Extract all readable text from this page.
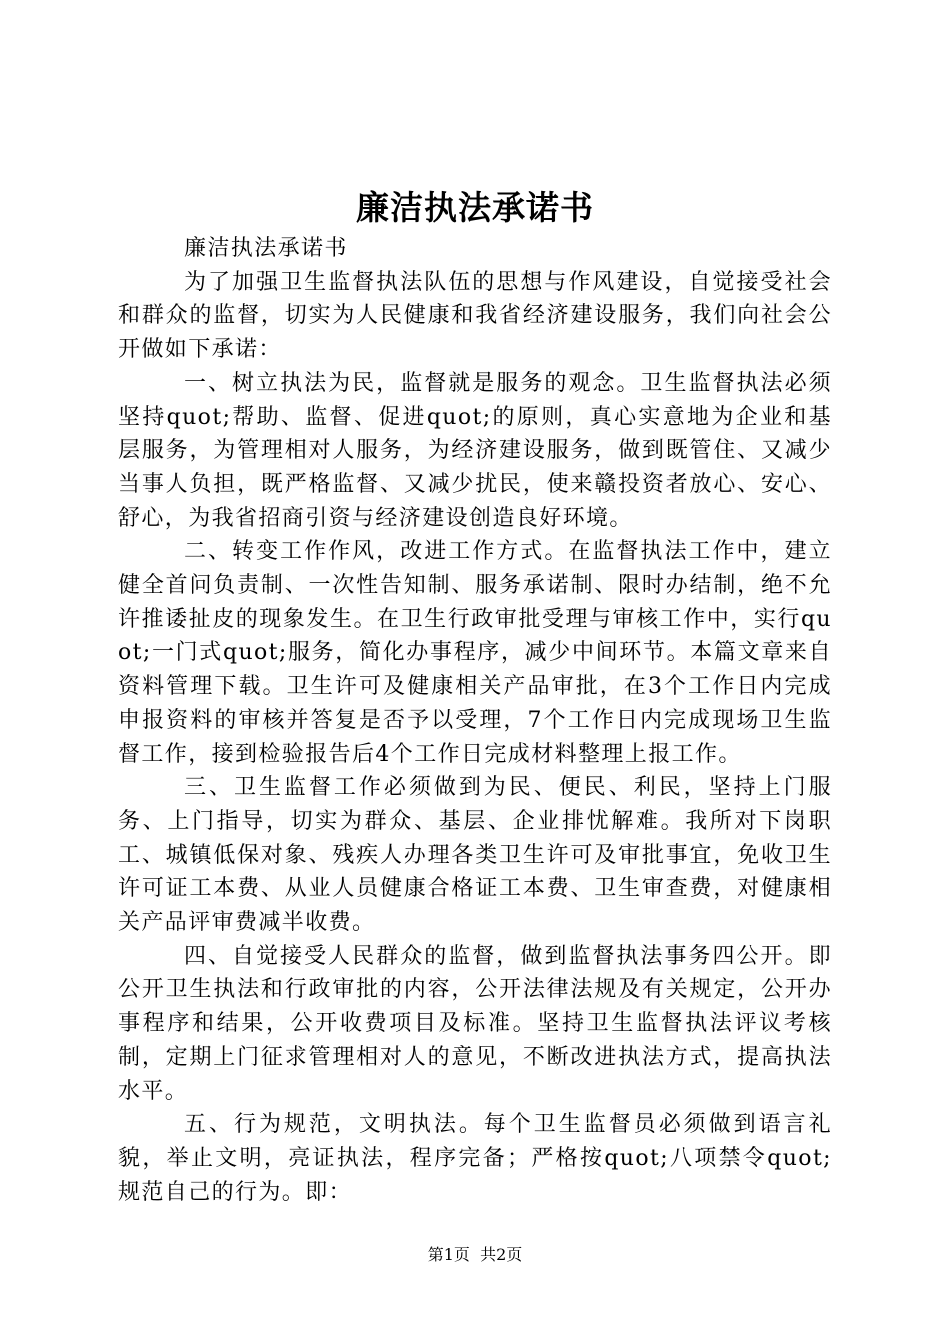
廉洁执法承诺书

廉洁执法承诺书

为了加强卫生监督执法队伍的思想与作风建设，自觉接受社会和群众的监督，切实为人民健康和我省经济建设服务，我们向社会公开做如下承诺：

一、树立执法为民，监督就是服务的观念。卫生监督执法必须坚持quot;帮助、监督、促进quot;的原则，真心实意地为企业和基层服务，为管理相对人服务，为经济建设服务，做到既管住、又减少当事人负担，既严格监督、又减少扰民，使来赣投资者放心、安心、舒心，为我省招商引资与经济建设创造良好环境。

二、转变工作作风，改进工作方式。在监督执法工作中，建立健全首问负责制、一次性告知制、服务承诺制、限时办结制，绝不允许推诿扯皮的现象发生。在卫生行政审批受理与审核工作中，实行quot;一门式quot;服务，简化办事程序，减少中间环节。本篇文章来自资料管理下载。卫生许可及健康相关产品审批，在3个工作日内完成申报资料的审核并答复是否予以受理，7个工作日内完成现场卫生监督工作，接到检验报告后4个工作日完成材料整理上报工作。

三、卫生监督工作必须做到为民、便民、利民，坚持上门服务、上门指导，切实为群众、基层、企业排忧解难。我所对下岗职工、城镇低保对象、残疾人办理各类卫生许可及审批事宜，免收卫生许可证工本费、从业人员健康合格证工本费、卫生审查费，对健康相关产品评审费减半收费。

四、自觉接受人民群众的监督，做到监督执法事务四公开。即公开卫生执法和行政审批的内容，公开法律法规及有关规定，公开办事程序和结果，公开收费项目及标准。坚持卫生监督执法评议考核制，定期上门征求管理相对人的意见，不断改进执法方式，提高执法水平。

五、行为规范，文明执法。每个卫生监督员必须做到语言礼貌，举止文明，亮证执法，程序完备；严格按quot;八项禁令quot;规范自己的行为。即：

第1页 共2页
